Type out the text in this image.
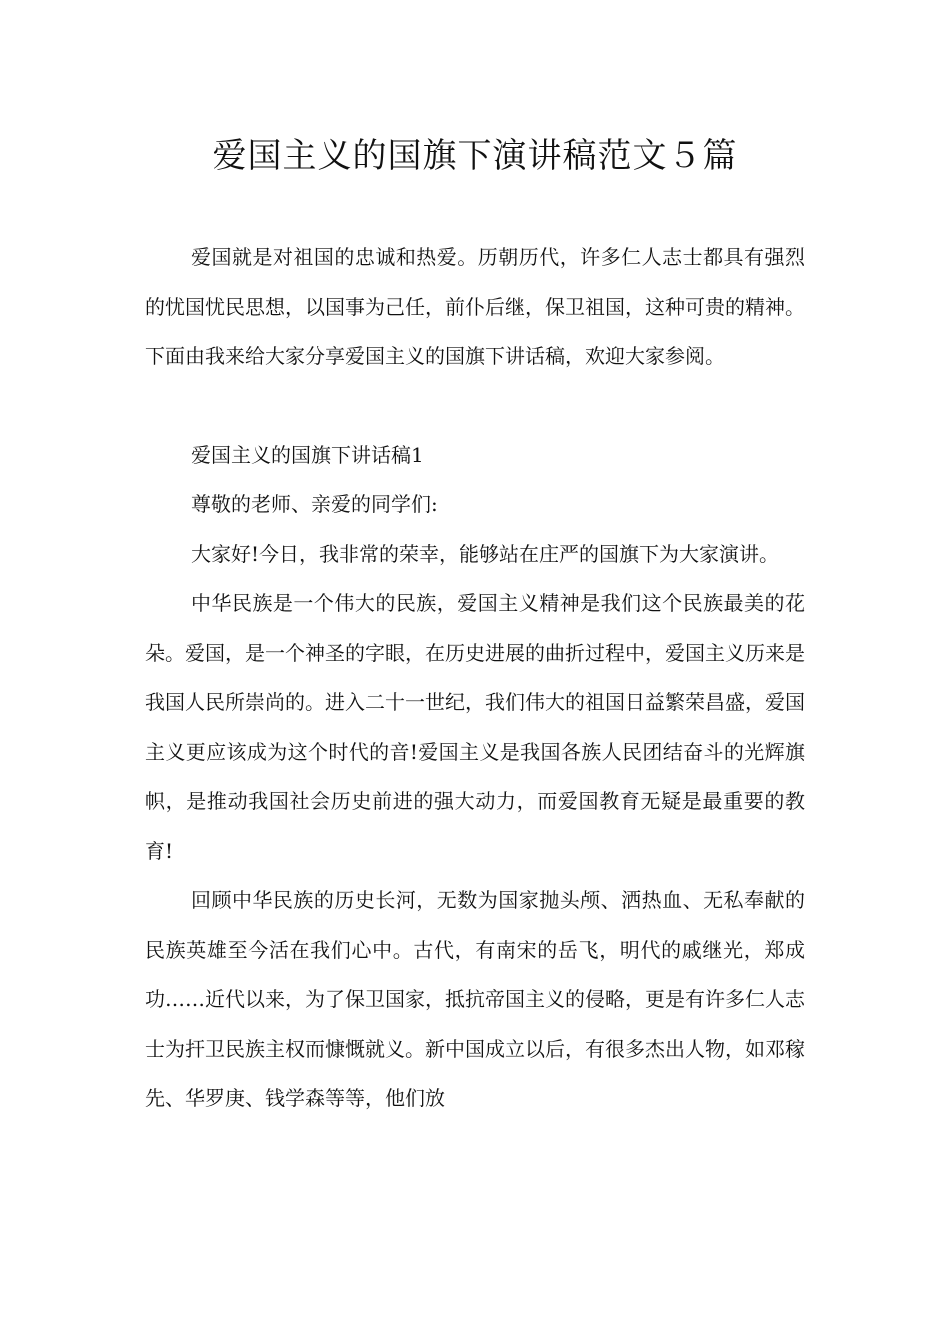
爱国主义的国旗下演讲稿范文５篇

爱国就是对祖国的忠诚和热爱。历朝历代，许多仁人志士都具有强烈的忧国忧民思想，以国事为己任，前仆后继，保卫祖国，这种可贵的精神。下面由我来给大家分享爱国主义的国旗下讲话稿，欢迎大家参阅。

爱国主义的国旗下讲话稿1

尊敬的老师、亲爱的同学们:

大家好!今日，我非常的荣幸，能够站在庄严的国旗下为大家演讲。

中华民族是一个伟大的民族，爱国主义精神是我们这个民族最美的花朵。爱国，是一个神圣的字眼，在历史进展的曲折过程中，爱国主义历来是我国人民所崇尚的。进入二十一世纪，我们伟大的祖国日益繁荣昌盛，爱国主义更应该成为这个时代的音!爱国主义是我国各族人民团结奋斗的光辉旗帜，是推动我国社会历史前进的强大动力，而爱国教育无疑是最重要的教育!

回顾中华民族的历史长河，无数为国家抛头颅、洒热血、无私奉献的民族英雄至今活在我们心中。古代，有南宋的岳飞，明代的戚继光，郑成功……近代以来，为了保卫国家，抵抗帝国主义的侵略，更是有许多仁人志士为扞卫民族主权而慷慨就义。新中国成立以后，有很多杰出人物，如邓稼先、华罗庚、钱学森等等，他们放
